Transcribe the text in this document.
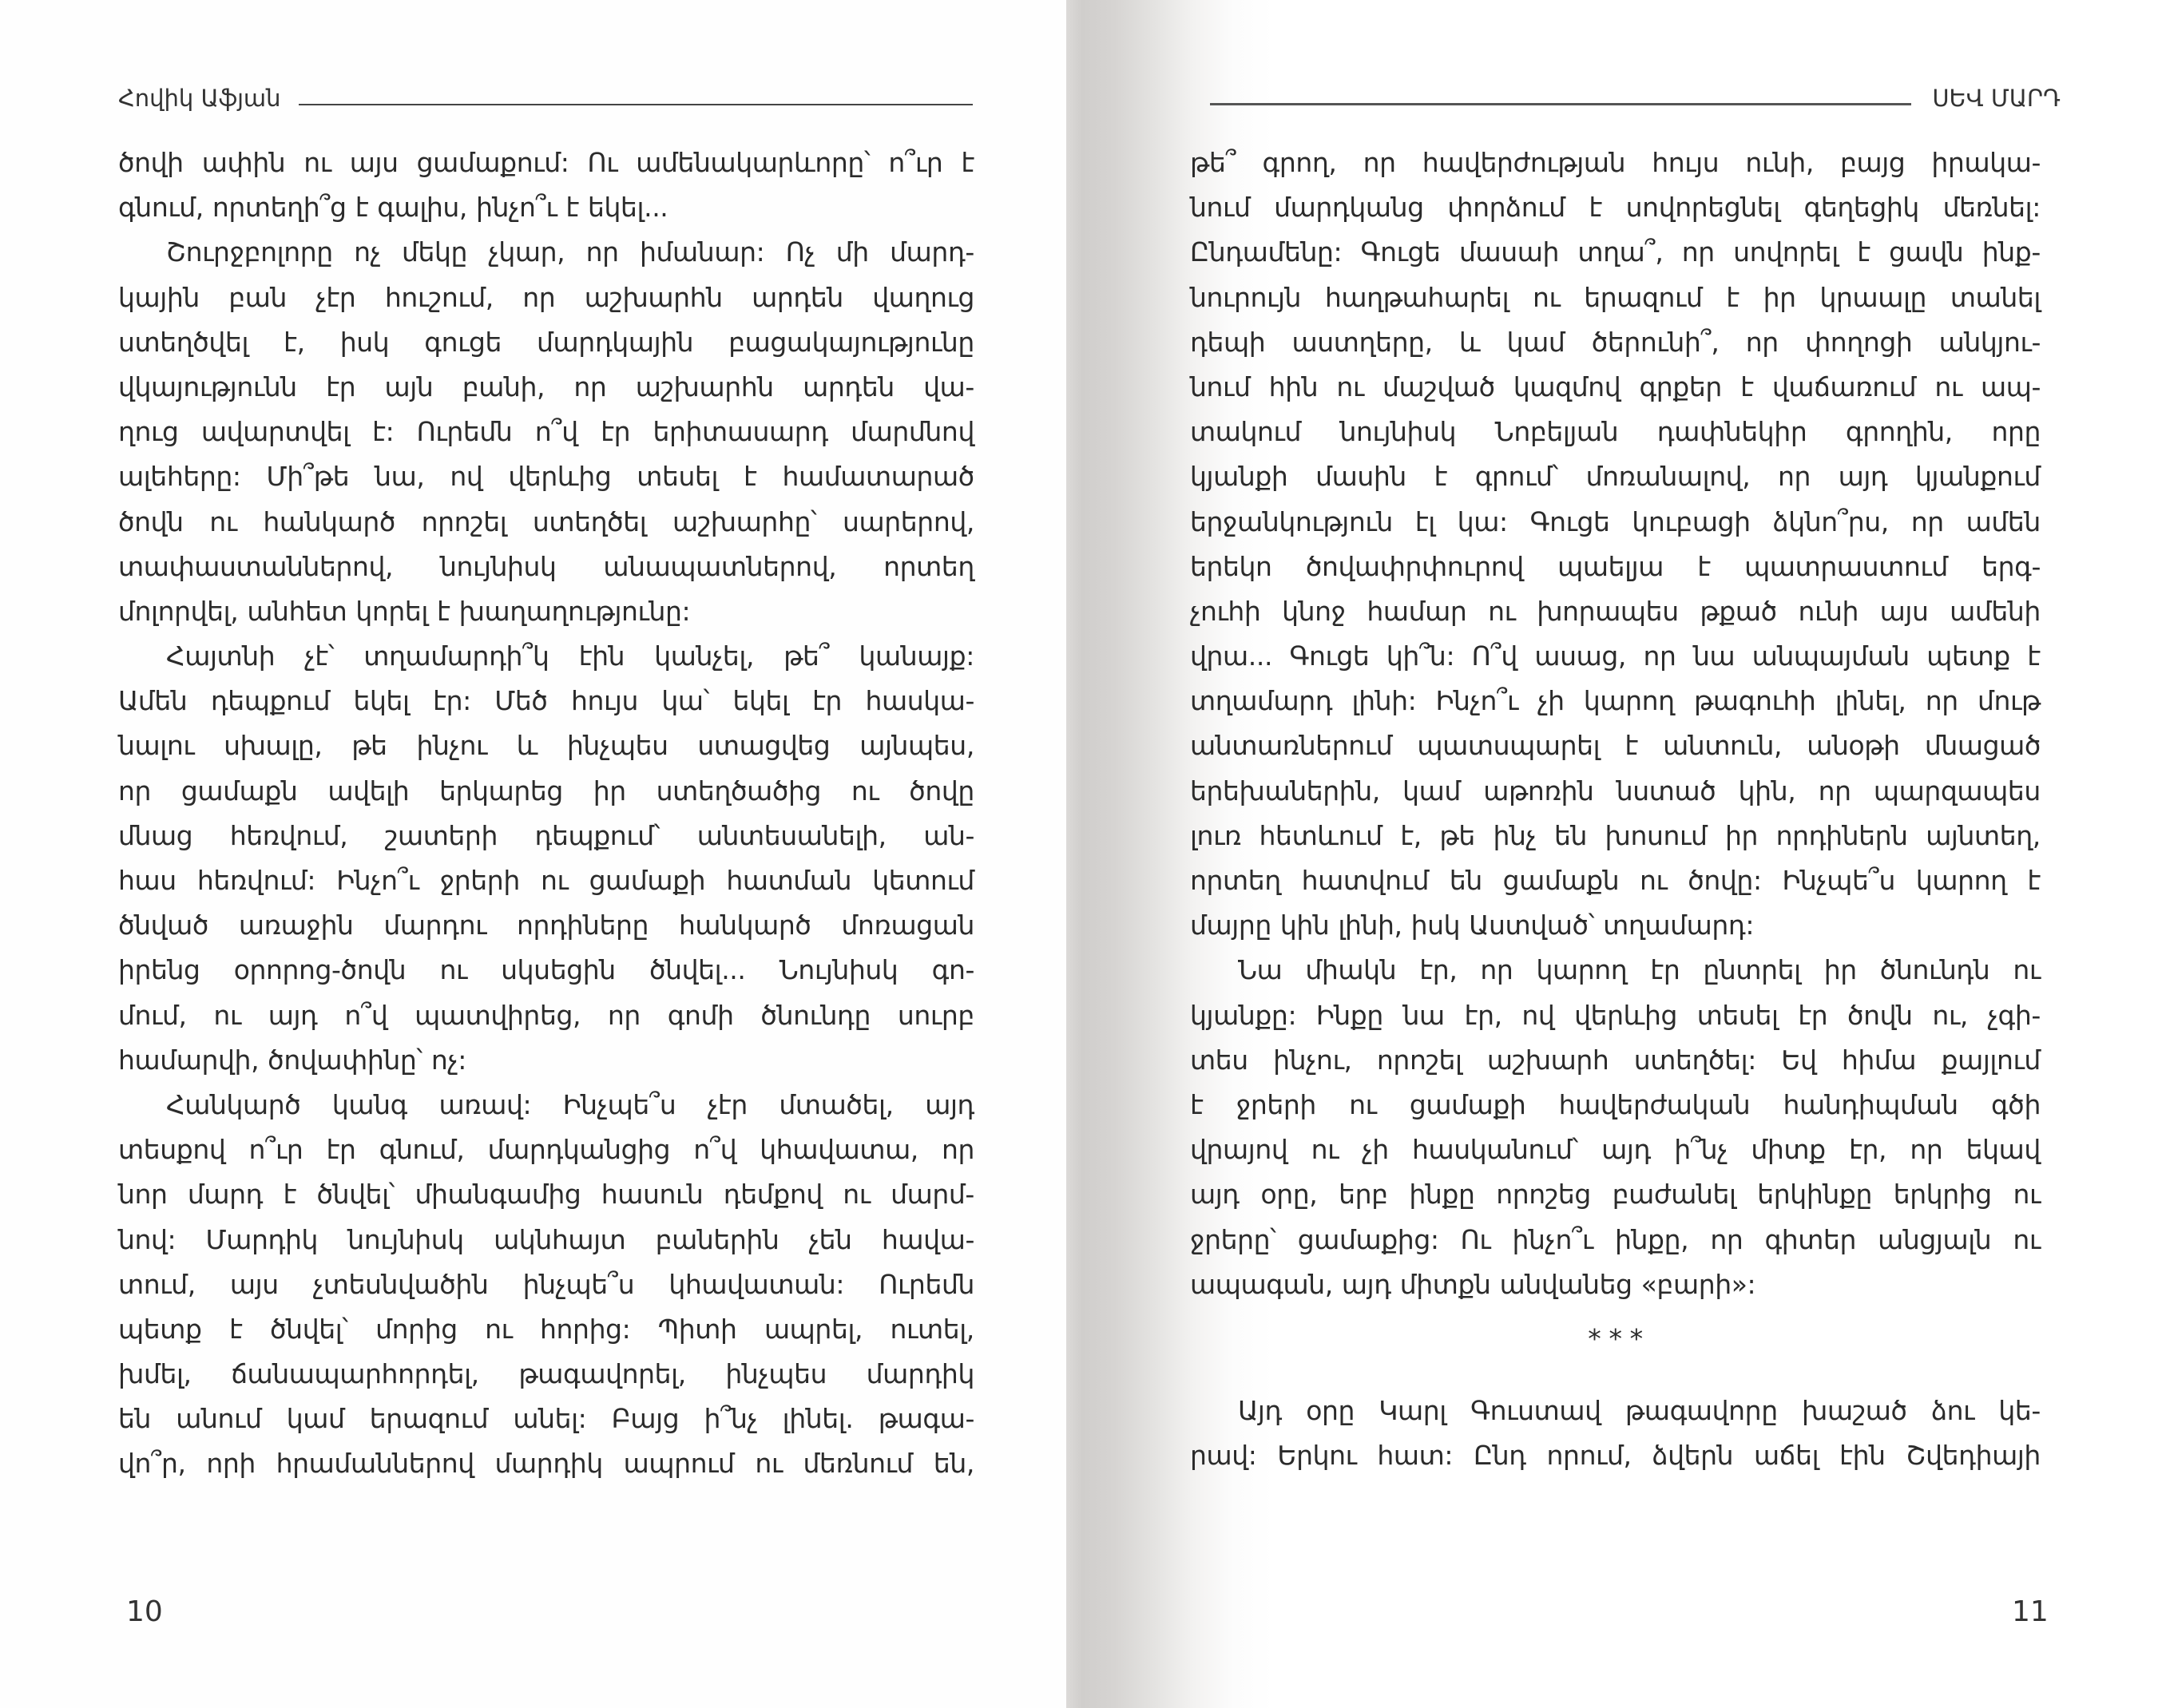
Հովիկ Աֆյան
ծովի ափին ու այս ցամաքում: Ու ամենակարևորը՝ ո՞ւր է
գնում, որտեղի՞ց է գալիս, ինչո՞ւ է եկել...
Շուրջբոլորը ոչ մեկը չկար, որ իմանար: Ոչ մի մարդ-
կային բան չէր հուշում, որ աշխարհն արդեն վաղուց
ստեղծվել է, իսկ գուցե մարդկային բացակայությունը
վկայությունն էր այն բանի, որ աշխարհն արդեն վա-
ղուց ավարտվել է: Ուրեմն ո՞վ էր երիտասարդ մարմնով
ալեհերը: Մի՞թե նա, ով վերևից տեսել է համատարած
ծովն ու հանկարծ որոշել ստեղծել աշխարհը՝ սարերով,
տափաստաններով, նույնիսկ անապատներով, որտեղ
մոլորվել, անհետ կորել է խաղաղությունը:
Հայտնի չէ՝ տղամարդի՞կ էին կանչել, թե՞ կանայք:
Ամեն դեպքում եկել էր: Մեծ հույս կա՝ եկել էր հասկա-
նալու սխալը, թե ինչու և ինչպես ստացվեց այնպես,
որ ցամաքն ավելի երկարեց իր ստեղծածից ու ծովը
մնաց հեռվում, շատերի դեպքում՝ անտեսանելի, ան-
հաս հեռվում: Ինչո՞ւ ջրերի ու ցամաքի հատման կետում
ծնված առաջին մարդու որդիները հանկարծ մոռացան
իրենց օրորոց-ծովն ու սկսեցին ծնվել... Նույնիսկ գո-
մում, ու այդ ո՞վ պատվիրեց, որ գոմի ծնունդը սուրբ
համարվի, ծովափինը՝ ոչ:
Հանկարծ կանգ առավ: Ինչպե՞ս չէր մտածել, այդ
տեսքով ո՞ւր էր գնում, մարդկանցից ո՞վ կհավատա, որ
նոր մարդ է ծնվել՝ միանգամից հասուն դեմքով ու մարմ-
նով: Մարդիկ նույնիսկ ակնհայտ բաներին չեն հավա-
տում, այս չտեսնվածին ինչպե՞ս կհավատան: Ուրեմն
պետք է ծնվել՝ մորից ու հորից: Պիտի ապրել, ուտել,
խմել, ճանապարհորդել, թագավորել, ինչպես մարդիկ
են անում կամ երազում անել: Բայց ի՞նչ լինել. թագա-
վո՞ր, որի հրամաններով մարդիկ ապրում ու մեռնում են,
10
ՍԵՎ ՄԱՐԴ
թե՞ գրող, որ հավերժության հույս ունի, բայց իրակա-
նում մարդկանց փորձում է սովորեցնել գեղեցիկ մեռնել:
Ընդամենը: Գուցե մասաի տղա՞, որ սովորել է ցավն ինք-
նուրույն հաղթահարել ու երազում է իր կրաալը տանել
դեպի աստղերը, և կամ ծերունի՞, որ փողոցի անկյու-
նում հին ու մաշված կազմով գրքեր է վաճառում ու ապ-
տակում նույնիսկ Նոբելյան դափնեկիր գրողին, որը
կյանքի մասին է գրում՝ մոռանալով, որ այդ կյանքում
երջանկություն էլ կա: Գուցե կուբացի ձկնո՞րս, որ ամեն
երեկո ծովափրփուրով պաելյա է պատրաստում երգ-
չուհի կնոջ համար ու խորապես թքած ունի այս ամենի
վրա... Գուցե կի՞ն: Ո՞վ ասաց, որ նա անպայման պետք է
տղամարդ լինի: Ինչո՞ւ չի կարող թագուհի լինել, որ մութ
անտառներում պատսպարել է անտուն, անօթի մնացած
երեխաներին, կամ աթոռին նստած կին, որ պարզապես
լուռ հետևում է, թե ինչ են խոսում իր որդիներն այնտեղ,
որտեղ հատվում են ցամաքն ու ծովը: Ինչպե՞ս կարող է
մայրը կին լինի, իսկ Աստված՝ տղամարդ:
Նա միակն էր, որ կարող էր ընտրել իր ծնունդն ու
կյանքը: Ինքը նա էր, ով վերևից տեսել էր ծովն ու, չգի-
տես ինչու, որոշել աշխարհ ստեղծել: Եվ հիմա քայլում
է ջրերի ու ցամաքի հավերժական հանդիպման գծի
վրայով ու չի հասկանում՝ այդ ի՞նչ միտք էր, որ եկավ
այդ օրը, երբ ինքը որոշեց բաժանել երկինքը երկրից ու
ջրերը՝ ցամաքից: Ու ինչո՞ւ ինքը, որ գիտեր անցյալն ու
ապագան, այդ միտքն անվանեց «բարի»:
* * *
Այդ օրը Կարլ Գուստավ թագավորը խաշած ձու կե-
րավ: Երկու հատ: Ընդ որում, ձվերն աճել էին Շվեդիայի
11
